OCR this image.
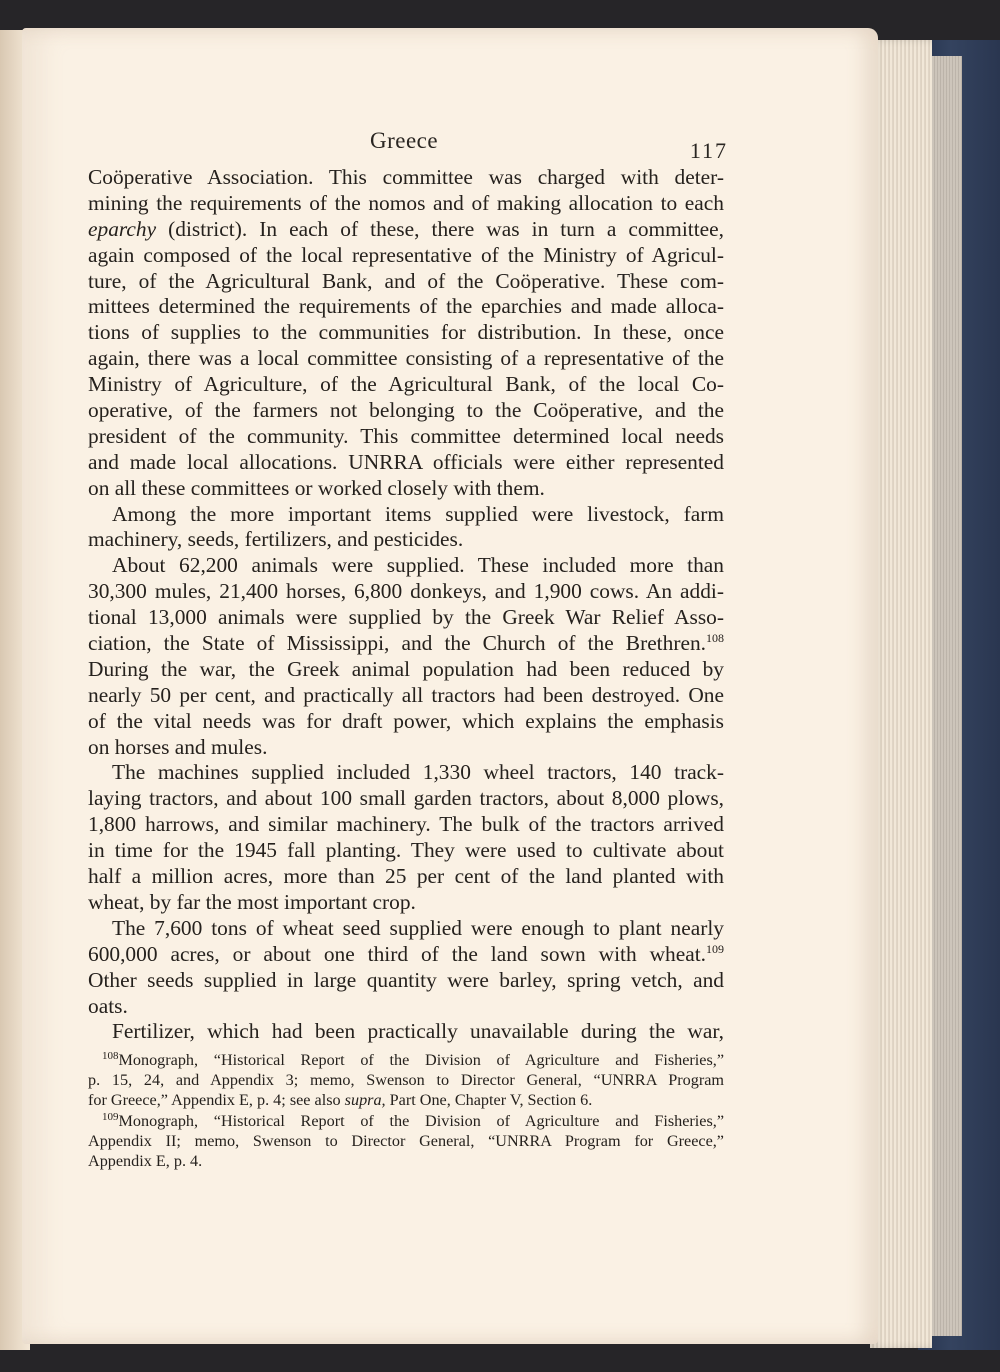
Greece	117
Coöperative Association. This committee was charged with deter-
mining the requirements of the nomos and of making allocation to each
eparchy (district). In each of these, there was in turn a committee,
again composed of the local representative of the Ministry of Agricul-
ture, of the Agricultural Bank, and of the Coöperative. These com-
mittees determined the requirements of the eparchies and made alloca-
tions of supplies to the communities for distribution. In these, once
again, there was a local committee consisting of a representative of the
Ministry of Agriculture, of the Agricultural Bank, of the local Co-
operative, of the farmers not belonging to the Coöperative, and the
president of the community. This committee determined local needs
and made local allocations. UNRRA officials were either represented
on all these committees or worked closely with them.
Among the more important items supplied were livestock, farm
machinery, seeds, fertilizers, and pesticides.
About 62,200 animals were supplied. These included more than
30,300 mules, 21,400 horses, 6,800 donkeys, and 1,900 cows. An addi-
tional 13,000 animals were supplied by the Greek War Relief Asso-
ciation, the State of Mississippi, and the Church of the Brethren.$^{108}$
During the war, the Greek animal population had been reduced by
nearly 50 per cent, and practically all tractors had been destroyed. One
of the vital needs was for draft power, which explains the emphasis
on horses and mules.
The machines supplied included 1,330 wheel tractors, 140 track-
laying tractors, and about 100 small garden tractors, about 8,000 plows,
1,800 harrows, and similar machinery. The bulk of the tractors arrived
in time for the 1945 fall planting. They were used to cultivate about
half a million acres, more than 25 per cent of the land planted with
wheat, by far the most important crop.
The 7,600 tons of wheat seed supplied were enough to plant nearly
600,000 acres, or about one third of the land sown with wheat.$^{109}$
Other seeds supplied in large quantity were barley, spring vetch, and
oats.
Fertilizer, which had been practically unavailable during the war,
$^{108}$Monograph, “Historical Report of the Division of Agriculture and Fisheries,”
p. 15, 24, and Appendix 3; memo, Swenson to Director General, “UNRRA Program
for Greece,” Appendix E, p. 4; see also supra, Part One, Chapter V, Section 6.
$^{109}$Monograph, “Historical Report of the Division of Agriculture and Fisheries,”
Appendix II; memo, Swenson to Director General, “UNRRA Program for Greece,”
Appendix E, p. 4.
